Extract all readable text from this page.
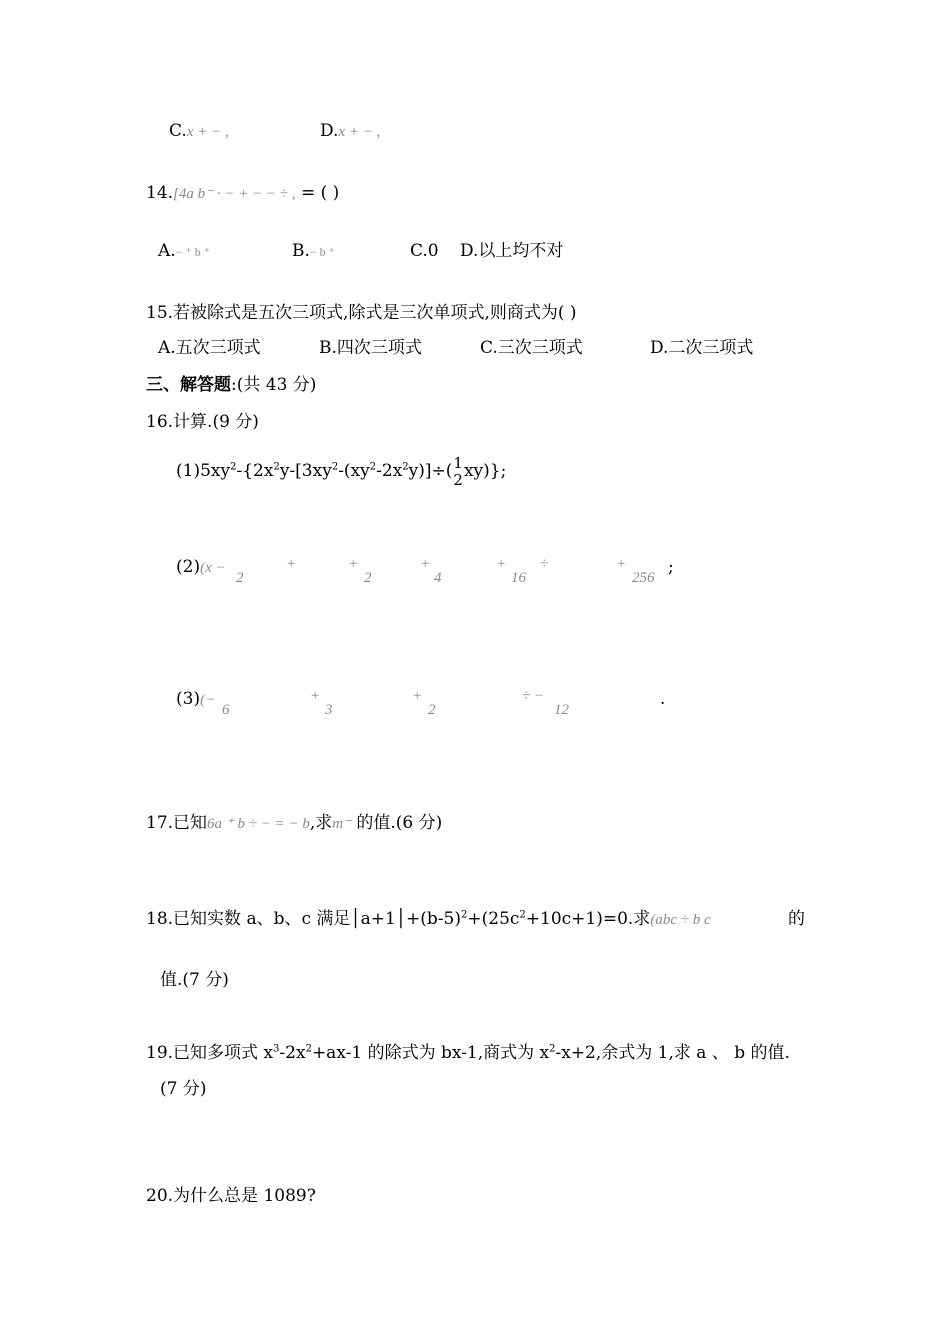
C.x + − ,	D.x + − ,
14.[4a b⁻ · − + − − ÷ , = ( )
A.− ⁺ b ⁺	B.− b ⁺	C.0 D.以上均不对
15.若被除式是五次三项式,除式是三次单项式,则商式为( )
A.五次三项式	B.四次三项式	C.三次三项式	D.二次三项式
三、解答题:(共 43 分)
16.计算.(9 分)
$(1)5xy^2-\{2x^2y-[3xy^2-(xy^2-2x^2y)]\div$( 1
2 xy)};
(2)(x −
2
+	+
2
+
4
+
16
÷	+
256
;
(3)(−
6
+
3
+
2
÷ −
12
.
17.已知6a ⁺ b ÷ − = − b,求m⁻ 的值.(6 分)
18.已知实数 a、b、c 满足$│a+1│+(b-5)^2+(25c^2+10c+1)=0$.求(abc ÷ b c	的
值.(7 分)
19.已知多项式 $x^3-2x^2+ax-1$ 的除式为 bx-1,商式为 $x^2-x+2$,余式为 1,求 a 、 b 的值.
(7 分)
20.为什么总是 1089?
